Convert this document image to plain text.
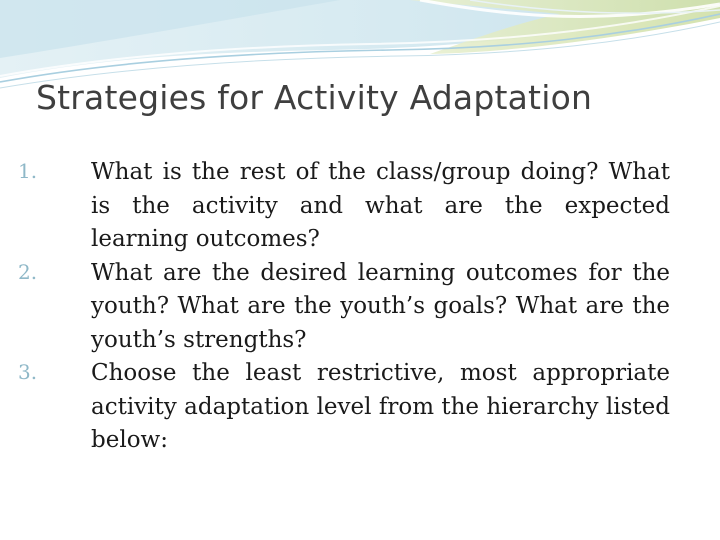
Strategies for Activity Adaptation
1.	What is the rest of the class/group doing? What is the activity and what are the expected learning outcomes?
2.	What are the desired learning outcomes for the youth? What are the youth’s goals? What are the youth’s strengths?
3.	Choose the least restrictive, most appropriate activity adaptation level from the hierarchy listed below:
